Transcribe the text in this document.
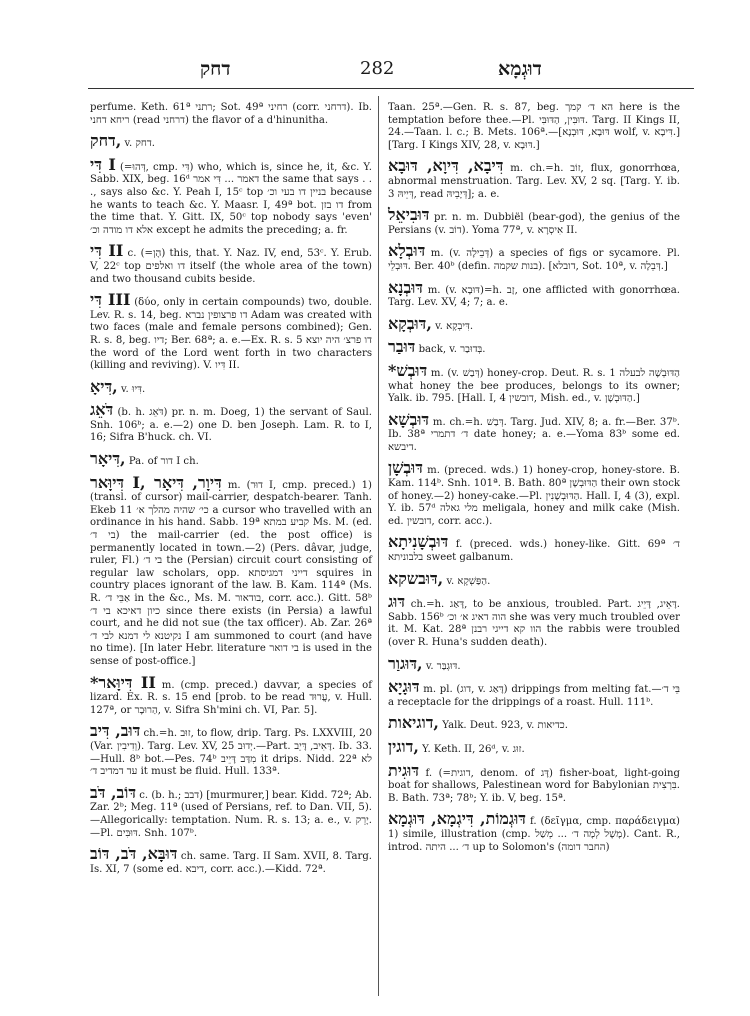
דחק	282	דוּגְמָא
perfume. Keth. 61ª רתני; Sot. 49ª רחיני (corr. דרחני). Ib. ריחא דחני (read דרחני) the flavor of a d'hinunitha.
דחק, v. דחק.
דִּי I (=דְּהוּ, cmp. דִּי) who, which is, since he, it, &c. Y. Sabb. XIX, beg. 16ᵈ דאמר ... דִּי אמר the same that says . . ., says also &c. Y. Peah I, 15ᶜ top בניין דו בעי וכ׳ because he wants to teach &c. Y. Maasr. I, 49ª bot. דו בזן from the time that. Y. Gitt. IX, 50ᶜ top nobody says 'even' אלא דו מודה וכ׳ except he admits the preceding; a. fr.
דִּי II c. (=הָן) this, that. Y. Naz. IV, end, 53ᶜ. Y. Erub. V, 22ᶜ top דו ואלפים itself (the whole area of the town) and two thousand cubits beside.
דִּי III (δύο, only in certain compounds) two, double. Lev. R. s. 14, beg. דו פרצופין נברא Adam was created with two faces (male and female persons combined); Gen. R. s. 8, beg. דיו; Ber. 68ª; a. e.—Ex. R. s. 5 דו פרצ׳ היה יוצא the word of the Lord went forth in two characters (killing and reviving). V. דִּיו II.
דִּיאָ, v. דִּיוּ.
דֹּאֵג (b. h. דֹּאֵג) pr. n. m. Doeg, 1) the servant of Saul. Snh. 106ᵇ; a. e.—2) one D. ben Joseph. Lam. R. to I, 16; Sifra B'huck. ch. VI.
דִּיאָר, Pa. of דור I ch.
דִּיוָּאר I, דִּיוָר, דִּיאָר m. (דוּר I, cmp. preced.) 1) (transl. of cursor) mail-carrier, despatch-bearer. Tanh. Ekeb 11 כי׳ שהיה מהלך א׳ a cursor who travelled with an ordinance in his hand. Sabb. 19ª קביע במתא Ms. M. (ed. בי ד׳) the mail-carrier (ed. the post office) is permanently located in town.—2) (Pers. dâvar, judge, ruler, Fl.) בי ד׳ the (Persian) circuit court consisting of regular law scholars, opp. דייני דמגיסתא squires in country places ignorant of the law. B. Kam. 114ª (Ms. R. אַבֵּי ד׳ in the &c., Ms. M. בודאור, corr. acc.). Gitt. 58ᵇ כיון דאיכא בי ד׳ since there exists (in Persia) a lawful court, and he did not sue (the tax officer). Ab. Zar. 26ª נקיטנא לי דמנא לבי ד׳ I am summoned to court (and have no time). [In later Hebr. literature בי דואר is used in the sense of post-office.]
*דִּיוָּאר II m. (cmp. preced.) davvar, a species of lizard. Ex. R. s. 15 end [prob. to be read עֲרוּד, v. Hull. 127ª, or הַרוּבָר, v. Sifra Sh'mini ch. VI, Par. 5].
דּוּב, דִּיב ch.=h. זוּב, to flow, drip. Targ. Ps. LXXVIII, 20 (Var. וְדִיבִין). Targ. Lev. XV, 25 יְדוּב.—Part. דָּאִיב, דָּיֵב. Ib. 33.—Hull. 8ᵇ bot.—Pes. 74ᵇ מִדַּב דָּיֵיב it drips. Nidd. 22ª לא עד דמדיב ד׳ it must be fluid. Hull. 133ª.
דּוֹב, דֹּב c. (b. h.; דבב) [murmurer,] bear. Kidd. 72ª; Ab. Zar. 2ᵇ; Meg. 11ª (used of Persians, ref. to Dan. VII, 5).—Allegorically: temptation. Num. R. s. 13; a. e., v. יָרֵק.—Pl. דּוּבִּים. Snh. 107ᵇ.
דּוּבָּא, דֹּב, דּוֹב ch. same. Targ. II Sam. XVII, 8. Targ. Is. XI, 7 (some ed. דיבא, corr. acc.).—Kidd. 72ª.
Taan. 25ª.—Gen. R. s. 87, beg. הא ד׳ קמך here is the temptation before thee.—Pl. דּוּבִּין, הַדּוּבִּי. Targ. II Kings II, 24.—Taan. l. c.; B. Mets. 106ª.—[דּוּבָא, דּוּבְנָא wolf, v. דִּיבָא.] [Targ. I Kings XIV, 28, v. דּוּבָא.]
דִּיבָא, דִּיוָא, דּוּבָא m. ch.=h. זוֹב, flux, gonorrhœa, abnormal menstruation. Targ. Lev. XV, 2 sq. [Targ. Y. ib. 3 דְּיֵיהּ, read דְּיָבֵיהּ]; a. e.
דּוּבִיאֵל pr. n. m. Dubbiël (bear-god), the genius of the Persians (v. דוֹב). Yoma 77ª, v. אִיסְרָא II.
דּוּבְלָא m. (v. דְּבֵילָה) a species of figs or sycamore. Pl. דּוּבְלֵי. Ber. 40ᵇ (defin. בנות שקמה). [דובלא, Sot. 10ª, v. דְּבֵלָה.]
דּוּבְנָא m. (v. דּוּבָא)=h. זָב, one afflicted with gonorrhœa. Targ. Lev. XV, 4; 7; a. e.
דּוּבְקָא, v. דִּיבְקָא.
דּוּבַר back, v. בְּדוּבַר.
*דּוּבְשׁ m. (v. דְּבַשׁ) honey-crop. Deut. R. s. 1 הַדּוּבְשָׁה לבעלה what honey the bee produces, belongs to its owner; Yalk. ib. 795. [Hall. I, 4 דובשין, Mish. ed., v. הַדּוּבְשָׁן.]
דּוּבְשָׁא m. ch.=h. דְּבַשׁ. Targ. Jud. XIV, 8; a. fr.—Ber. 37ᵇ. Ib. 38ª ד׳ דתמרי date honey; a. e.—Yoma 83ᵇ some ed. דיבשא.
דּוּבְשָׁן m. (preced. wds.) 1) honey-crop, honey-store. B. Kam. 114ᵇ. Snh. 101ª. B. Bath. 80ª הַדּוּבְשָׁן their own stock of honey.—2) honey-cake.—Pl. הַדּוּבְשָׁנִין. Hall. I, 4 (3), expl. Y. ib. 57ᵈ מלי גאלה meligala, honey and milk cake (Mish. ed. דובשין, corr. acc.).
דּוּבְשָׁנִיתָא f. (preced. wds.) honey-like. Gitt. 69ª ד׳ בלבוניתא sweet galbanum.
דּוּבשקא, v. הַפַּשְׁקָא.
דּוּג ch.=h. דָּאַג, to be anxious, troubled. Part. דָּאֵיג, דָּיֵיג. Sabb. 156ᵇ הוה דאיג א׳ וכ׳ she was very much troubled over it. M. Kat. 28ª הוו קא דייגי רבנן the rabbis were troubled (over R. Huna's sudden death).
דּוּגוַר, v. דּוּגְבַּר.
דּוּגָיָא m. pl. (דוג, v. דָּאַג) drippings from melting fat.—בֵּי ד׳ a receptacle for the drippings of a roast. Hull. 111ᵇ.
דוגיאות, Yalk. Deut. 923, v. כדיאות.
דוגין, Y. Keth. II, 26ᵈ, v. זוּג.
דּוּגִית f. (=דוגית, denom. of דָּג) fisher-boat, light-going boat for shallows, Palestinean word for Babylonian בִּרְצִית. B. Bath. 73ª; 78ᵇ; Y. ib. V, beg. 15ª.
דּוּגְמוֹת, דִּיגְמָא, דּוּגְמָא f. (δεῖγμα, cmp. παράδειγμα) 1) simile, illustration (cmp. מָשָׁל לְמָה ד׳ ... מְשַׁל). Cant. R., introd. ד׳ ... היתה up to Solomon's (החבר דומה)
